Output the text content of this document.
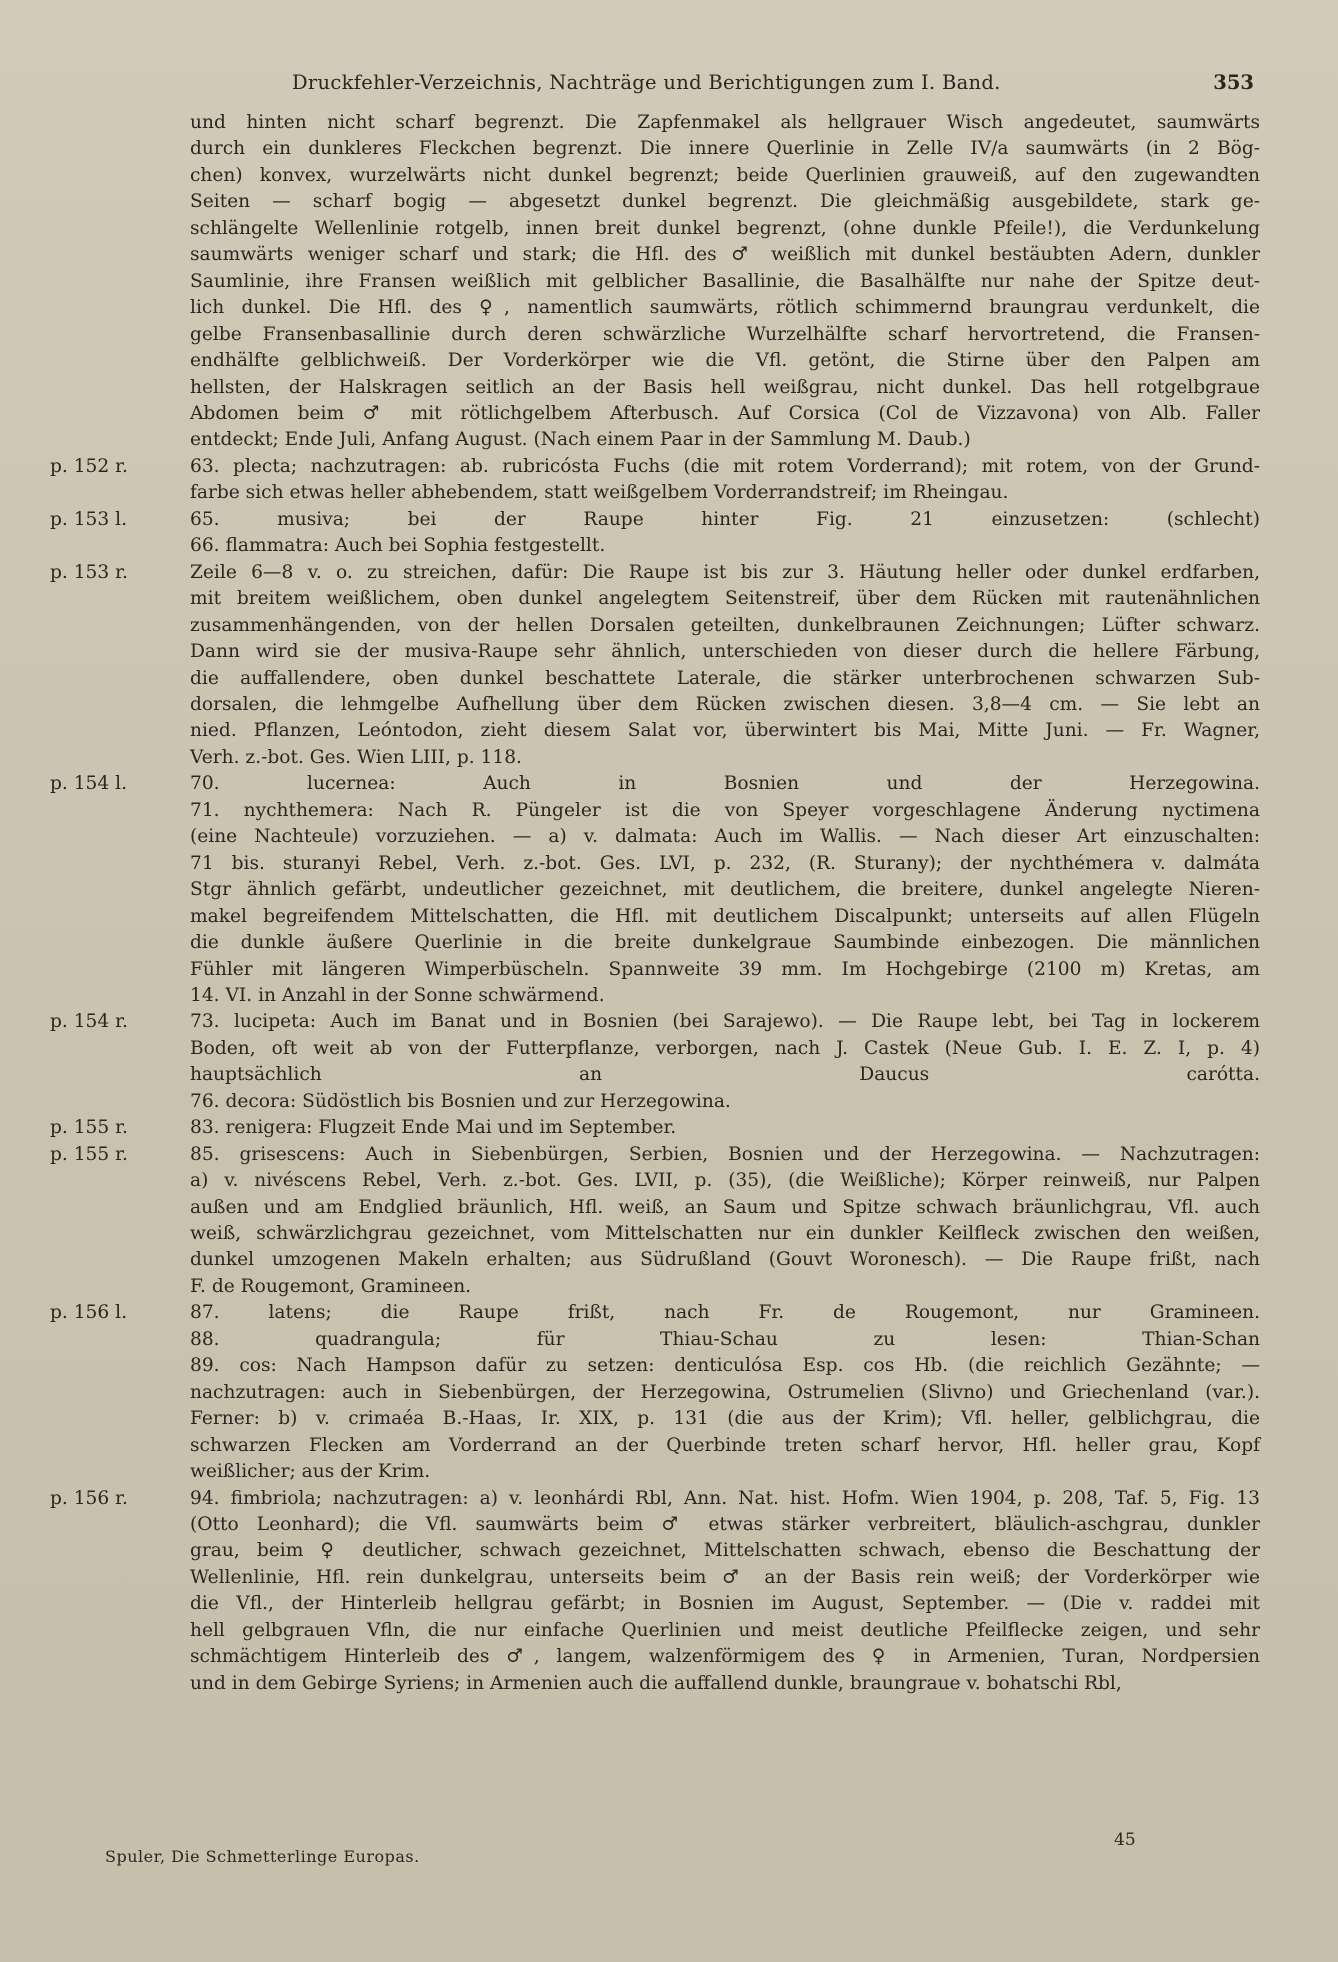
Druckfehler-Verzeichnis, Nachträge und Berichtigungen zum I. Band.	353
und hinten nicht scharf begrenzt. Die Zapfenmakel als hellgrauer Wisch angedeutet, saumwärts
durch ein dunkleres Fleckchen begrenzt. Die innere Querlinie in Zelle IV/a saumwärts (in 2 Bög-
chen) konvex, wurzelwärts nicht dunkel begrenzt; beide Querlinien grauweiß, auf den zugewandten
Seiten — scharf bogig — abgesetzt dunkel begrenzt. Die gleichmäßig ausgebildete, stark ge-
schlängelte Wellenlinie rotgelb, innen breit dunkel begrenzt, (ohne dunkle Pfeile!), die Verdunkelung
saumwärts weniger scharf und stark; die Hfl. des ♂ weißlich mit dunkel bestäubten Adern, dunkler
Saumlinie, ihre Fransen weißlich mit gelblicher Basallinie, die Basalhälfte nur nahe der Spitze deut-
lich dunkel. Die Hfl. des ♀, namentlich saumwärts, rötlich schimmernd braungrau verdunkelt, die
gelbe Fransenbasallinie durch deren schwärzliche Wurzelhälfte scharf hervortretend, die Fransen-
endhälfte gelblichweiß. Der Vorderkörper wie die Vfl. getönt, die Stirne über den Palpen am
hellsten, der Halskragen seitlich an der Basis hell weißgrau, nicht dunkel. Das hell rotgelbgraue
Abdomen beim ♂ mit rötlichgelbem Afterbusch. Auf Corsica (Col de Vizzavona) von Alb. Faller
entdeckt; Ende Juli, Anfang August. (Nach einem Paar in der Sammlung M. Daub.)
p. 152 r.	63. plecta; nachzutragen: ab. rubricósta Fuchs (die mit rotem Vorderrand); mit rotem, von der Grund-
farbe sich etwas heller abhebendem, statt weißgelbem Vorderrandstreif; im Rheingau.
p. 153 l.	65. musiva; bei der Raupe hinter Fig. 21 einzusetzen: (schlecht)
66. flammatra: Auch bei Sophia festgestellt.
p. 153 r.	Zeile 6—8 v. o. zu streichen, dafür: Die Raupe ist bis zur 3. Häutung heller oder dunkel erdfarben,
mit breitem weißlichem, oben dunkel angelegtem Seitenstreif, über dem Rücken mit rautenähnlichen
zusammenhängenden, von der hellen Dorsalen geteilten, dunkelbraunen Zeichnungen; Lüfter schwarz.
Dann wird sie der musiva-Raupe sehr ähnlich, unterschieden von dieser durch die hellere Färbung,
die auffallendere, oben dunkel beschattete Laterale, die stärker unterbrochenen schwarzen Sub-
dorsalen, die lehmgelbe Aufhellung über dem Rücken zwischen diesen. 3,8—4 cm. — Sie lebt an
nied. Pflanzen, Leóntodon, zieht diesem Salat vor, überwintert bis Mai, Mitte Juni. — Fr. Wagner,
Verh. z.-bot. Ges. Wien LIII, p. 118.
p. 154 l.	70. lucernea: Auch in Bosnien und der Herzegowina.
71. nychthemera: Nach R. Püngeler ist die von Speyer vorgeschlagene Änderung nyctimena
(eine Nachteule) vorzuziehen. — a) v. dalmata: Auch im Wallis. — Nach dieser Art einzuschalten:
71 bis. sturanyi Rebel, Verh. z.-bot. Ges. LVI, p. 232, (R. Sturany); der nychthémera v. dalmáta
Stgr ähnlich gefärbt, undeutlicher gezeichnet, mit deutlichem, die breitere, dunkel angelegte Nieren-
makel begreifendem Mittelschatten, die Hfl. mit deutlichem Discalpunkt; unterseits auf allen Flügeln
die dunkle äußere Querlinie in die breite dunkelgraue Saumbinde einbezogen. Die männlichen
Fühler mit längeren Wimperbüscheln. Spannweite 39 mm. Im Hochgebirge (2100 m) Kretas, am
14. VI. in Anzahl in der Sonne schwärmend.
p. 154 r.	73. lucipeta: Auch im Banat und in Bosnien (bei Sarajewo). — Die Raupe lebt, bei Tag in lockerem
Boden, oft weit ab von der Futterpflanze, verborgen, nach J. Castek (Neue Gub. I. E. Z. I, p. 4)
hauptsächlich an Daucus carótta.
76. decora: Südöstlich bis Bosnien und zur Herzegowina.
p. 155 r.	83. renigera: Flugzeit Ende Mai und im September.
p. 155 r.	85. grisescens: Auch in Siebenbürgen, Serbien, Bosnien und der Herzegowina. — Nachzutragen:
a) v. nivéscens Rebel, Verh. z.-bot. Ges. LVII, p. (35), (die Weißliche); Körper reinweiß, nur Palpen
außen und am Endglied bräunlich, Hfl. weiß, an Saum und Spitze schwach bräunlichgrau, Vfl. auch
weiß, schwärzlichgrau gezeichnet, vom Mittelschatten nur ein dunkler Keilfleck zwischen den weißen,
dunkel umzogenen Makeln erhalten; aus Südrußland (Gouvt Woronesch). — Die Raupe frißt, nach
F. de Rougemont, Gramineen.
p. 156 l.	87. latens; die Raupe frißt, nach Fr. de Rougemont, nur Gramineen.
88. quadrangula; für Thiau-Schau zu lesen: Thian-Schan
89. cos: Nach Hampson dafür zu setzen: denticulósa Esp. cos Hb. (die reichlich Gezähnte; —
nachzutragen: auch in Siebenbürgen, der Herzegowina, Ostrumelien (Slivno) und Griechenland (var.).
Ferner: b) v. crimaéa B.-Haas, Ir. XIX, p. 131 (die aus der Krim); Vfl. heller, gelblichgrau, die
schwarzen Flecken am Vorderrand an der Querbinde treten scharf hervor, Hfl. heller grau, Kopf
weißlicher; aus der Krim.
p. 156 r.	94. fimbriola; nachzutragen: a) v. leonhárdi Rbl, Ann. Nat. hist. Hofm. Wien 1904, p. 208, Taf. 5, Fig. 13
(Otto Leonhard); die Vfl. saumwärts beim ♂ etwas stärker verbreitert, bläulich-aschgrau, dunkler
grau, beim ♀ deutlicher, schwach gezeichnet, Mittelschatten schwach, ebenso die Beschattung der
Wellenlinie, Hfl. rein dunkelgrau, unterseits beim ♂ an der Basis rein weiß; der Vorderkörper wie
die Vfl., der Hinterleib hellgrau gefärbt; in Bosnien im August, September. — (Die v. raddei mit
hell gelbgrauen Vfln, die nur einfache Querlinien und meist deutliche Pfeilflecke zeigen, und sehr
schmächtigem Hinterleib des ♂, langem, walzenförmigem des ♀ in Armenien, Turan, Nordpersien
und in dem Gebirge Syriens; in Armenien auch die auffallend dunkle, braungraue v. bohatschi Rbl,
Spuler, Die Schmetterlinge Europas.
45
